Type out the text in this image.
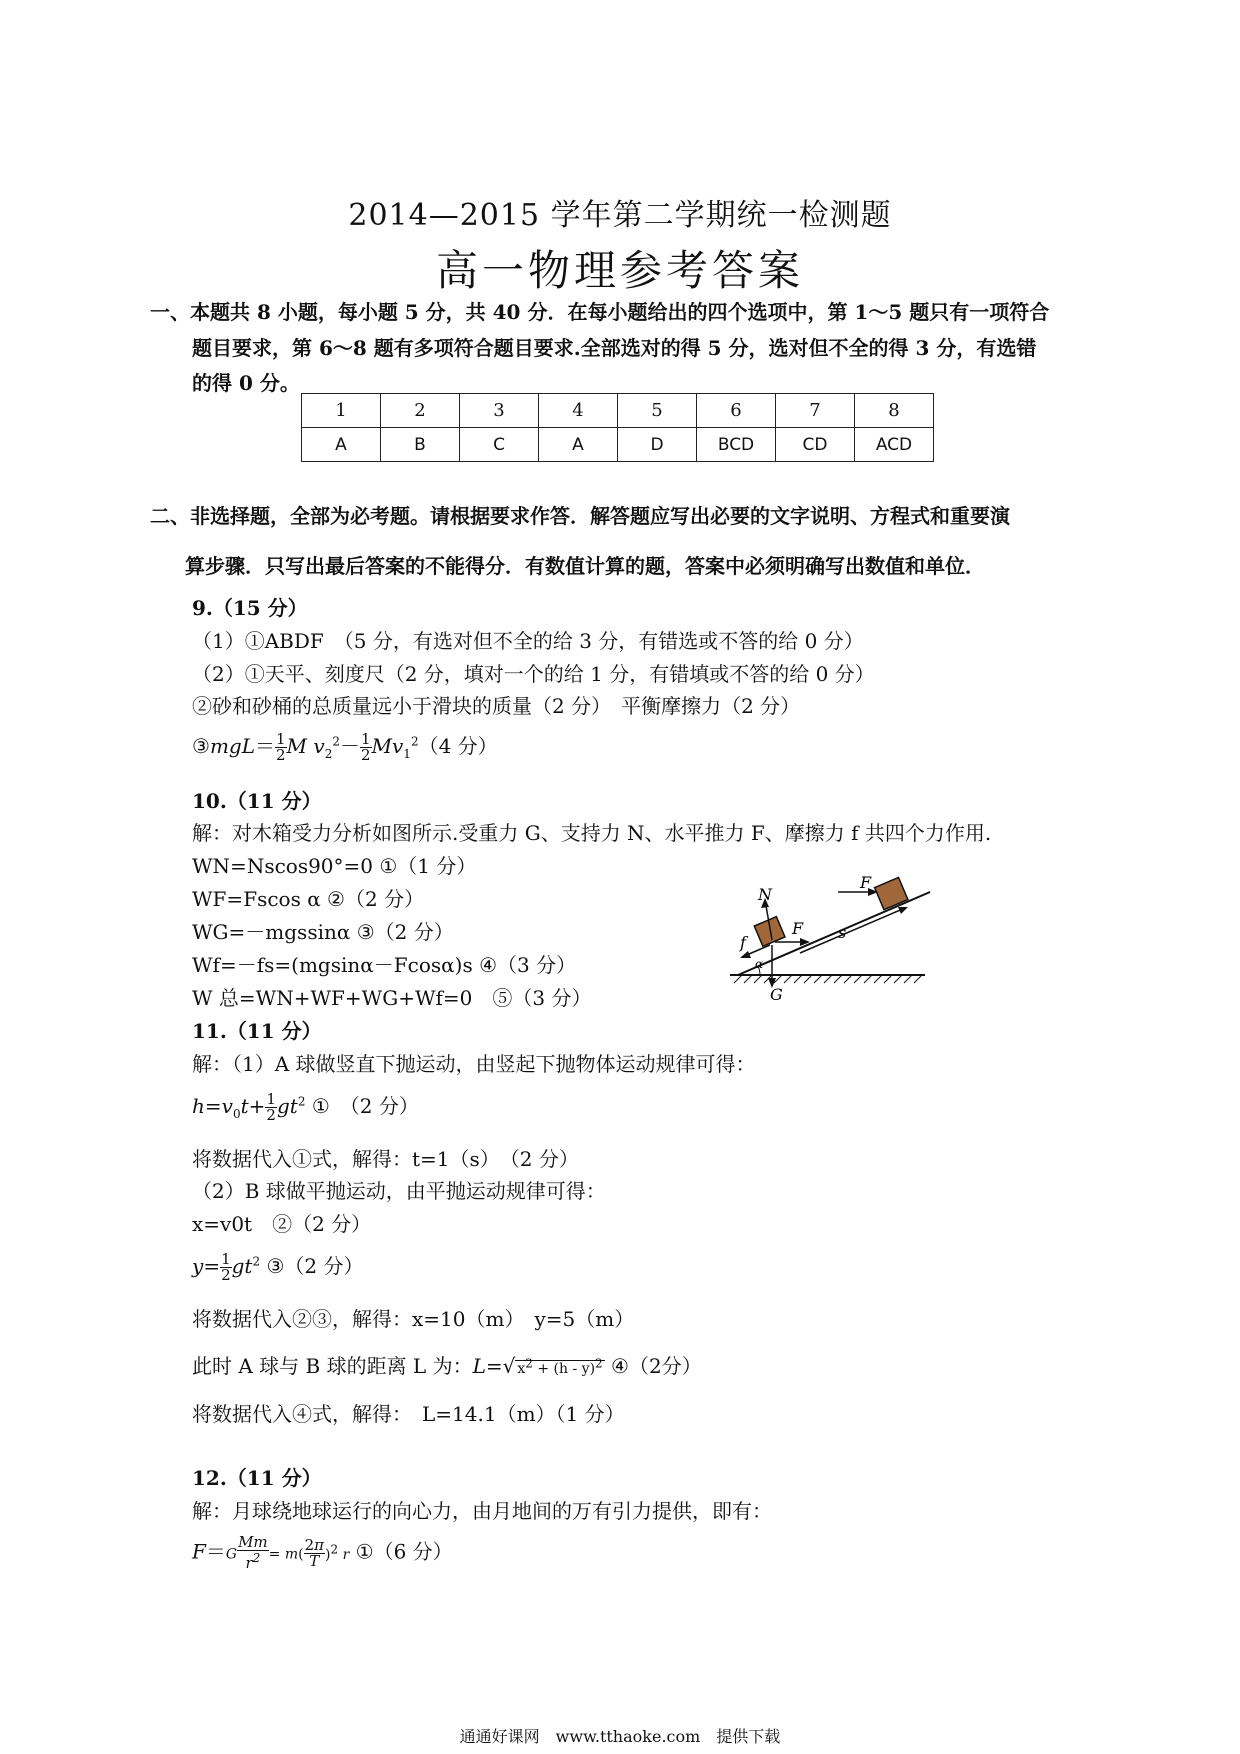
2014—2015 学年第二学期统一检测题
高一物理参考答案
一、本题共 8 小题，每小题 5 分，共 40 分．在每小题给出的四个选项中，第 1～5 题只有一项符合
题目要求，第 6～8 题有多项符合题目要求.全部选对的得 5 分，选对但不全的得 3 分，有选错
的得 0 分。
1	2	3	4	5	6	7	8
A	B	C	A	D	BCD	CD	ACD
二、非选择题，全部为必考题。请根据要求作答．解答题应写出必要的文字说明、方程式和重要演
算步骤．只写出最后答案的不能得分．有数值计算的题，答案中必须明确写出数值和单位．
9.（15 分）
（1）①ABDF　（5 分，有选对但不全的给 3 分，有错选或不答的给 0 分）
（2）①天平、刻度尺（2 分，填对一个的给 1 分，有错填或不答的给 0 分）
②砂和砂桶的总质量远小于滑块的质量（2 分）　平衡摩擦力（2 分）
③mgL＝ $\frac{1}{2}$ M $v_2^2- \frac{1}{2} Mv_1^2(4$ 分）
10.（11 分）
解：对木箱受力分析如图所示.受重力 G、支持力 N、水平推力 F、摩擦力 f 共四个力作用.
WN=Nscos90°=0 ①（1 分）
WF=Fscos α ②（2 分）
WG=－mgssinα ③（2 分）
Wf=－fs=(mgsinα－Fcosα)s ④（3 分）
W 总=WN+WF+WG+Wf=0　⑤（3 分）
F
N
F
f
α
s
G
11.（11 分）
解：（1）A 球做竖直下抛运动，由竖起下抛物体运动规律可得：
$h=v_0t+ \frac{1}{2} gt^2$ ①　（2 分）
将数据代入①式，解得：t=1（s）　（2 分）
（2）B 球做平抛运动，由平抛运动规律可得：
x=v0t　②（2 分）
$y= \frac{1}{2} gt^2$ ③（2 分）
将数据代入②③，解得：x=10（m）　y=5（m）
此时 A 球与 B 球的距离 L 为：L=√ $x^2 + (h - y)^2$ ④（2分）
将数据代入④式，解得：　L=14.1（m）（1 分）
12.（11 分）
解：月球绕地球运行的向心力，由月地间的万有引力提供，即有：
$F=G \frac{Mm}{r^2} = m( \frac{2\pi}{T} )^2$ r ①（6 分）
通通好课网　www.tthaoke.com　提供下载
